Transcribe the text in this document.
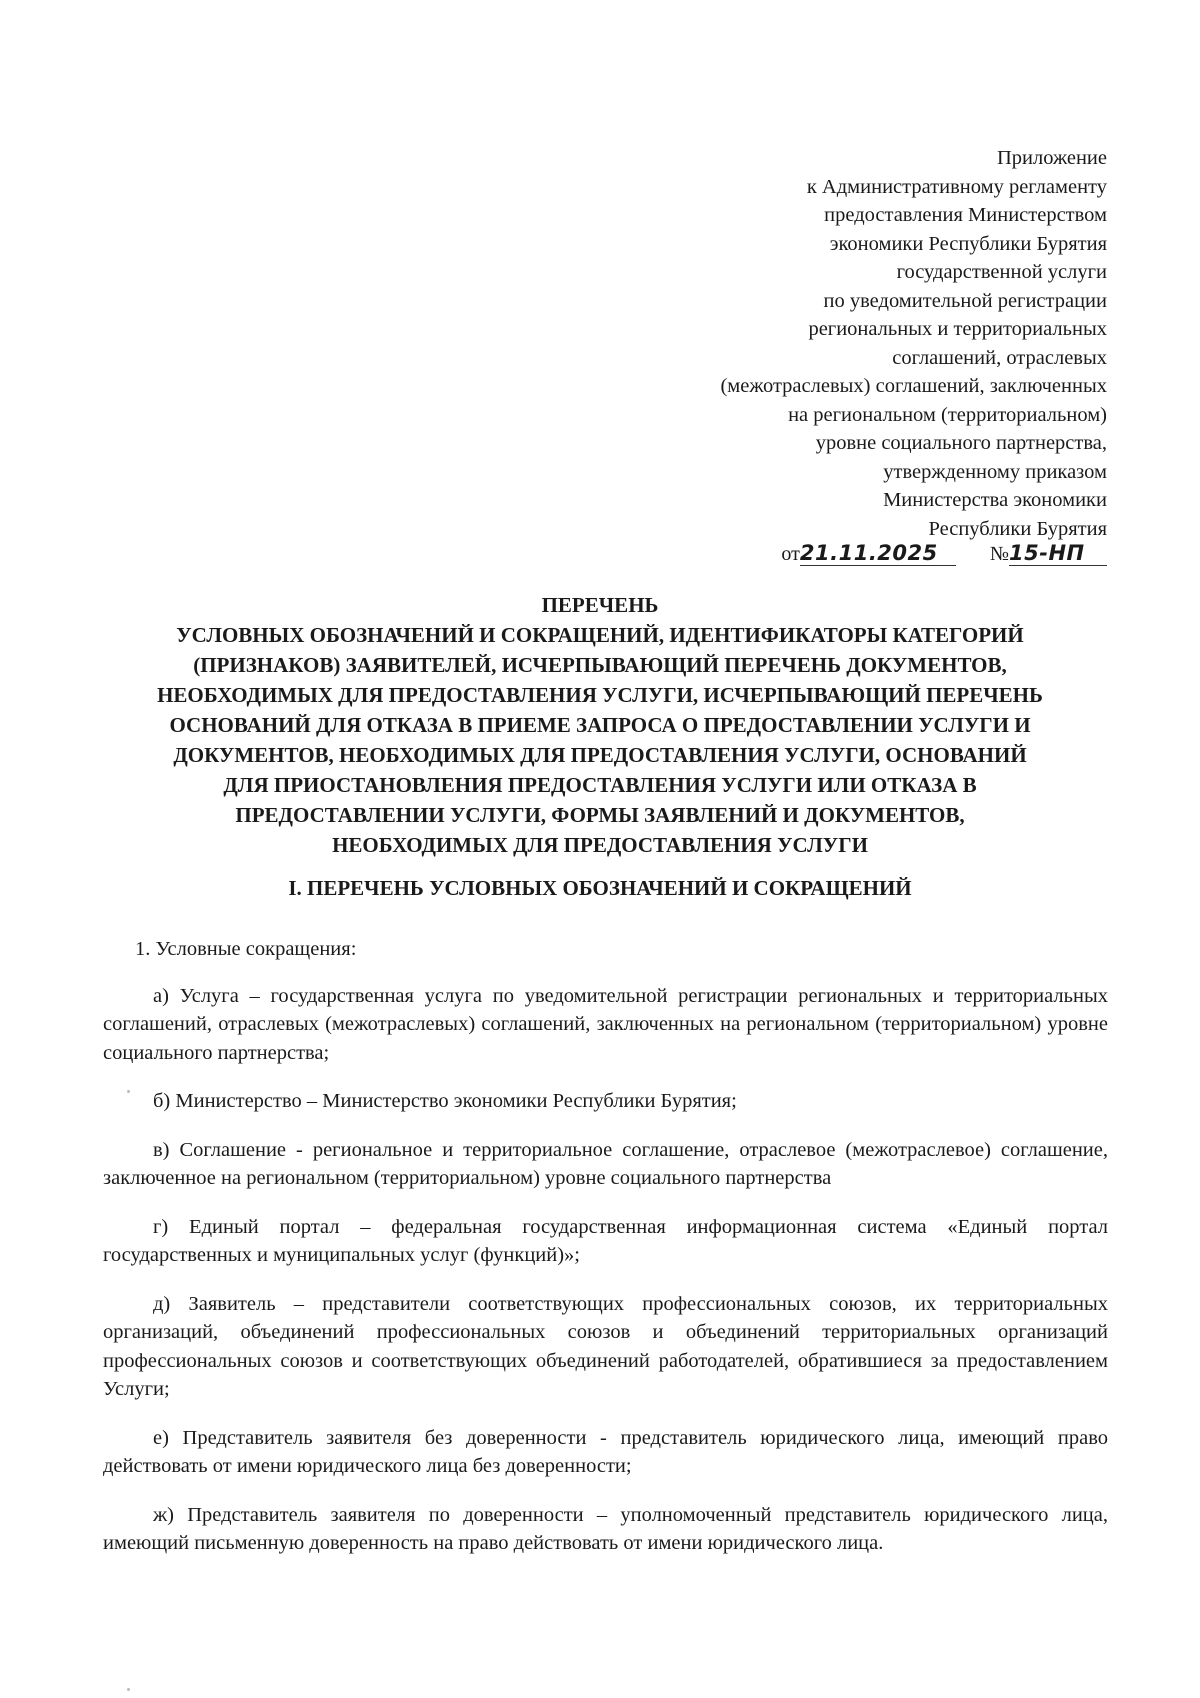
Приложение
к Административному регламенту
предоставления Министерством
экономики Республики Бурятия
государственной услуги
по уведомительной регистрации
региональных и территориальных
соглашений, отраслевых
(межотраслевых) соглашений, заключенных
на региональном (территориальном)
уровне социального партнерства,
утвержденному приказом
Министерства экономики
Республики Бурятия
от21.11.2025	№15-НП
ПЕРЕЧЕНЬ
УСЛОВНЫХ ОБОЗНАЧЕНИЙ И СОКРАЩЕНИЙ, ИДЕНТИФИКАТОРЫ КАТЕГОРИЙ
(ПРИЗНАКОВ) ЗАЯВИТЕЛЕЙ, ИСЧЕРПЫВАЮЩИЙ ПЕРЕЧЕНЬ ДОКУМЕНТОВ,
НЕОБХОДИМЫХ ДЛЯ ПРЕДОСТАВЛЕНИЯ УСЛУГИ, ИСЧЕРПЫВАЮЩИЙ ПЕРЕЧЕНЬ
ОСНОВАНИЙ ДЛЯ ОТКАЗА В ПРИЕМЕ ЗАПРОСА О ПРЕДОСТАВЛЕНИИ УСЛУГИ И
ДОКУМЕНТОВ, НЕОБХОДИМЫХ ДЛЯ ПРЕДОСТАВЛЕНИЯ УСЛУГИ, ОСНОВАНИЙ
ДЛЯ ПРИОСТАНОВЛЕНИЯ ПРЕДОСТАВЛЕНИЯ УСЛУГИ ИЛИ ОТКАЗА В
ПРЕДОСТАВЛЕНИИ УСЛУГИ, ФОРМЫ ЗАЯВЛЕНИЙ И ДОКУМЕНТОВ,
НЕОБХОДИМЫХ ДЛЯ ПРЕДОСТАВЛЕНИЯ УСЛУГИ
I. ПЕРЕЧЕНЬ УСЛОВНЫХ ОБОЗНАЧЕНИЙ И СОКРАЩЕНИЙ

1. Условные сокращения:

а) Услуга – государственная услуга по уведомительной регистрации региональных и территориальных соглашений, отраслевых (межотраслевых) соглашений, заключенных на региональном (территориальном) уровне социального партнерства;

б) Министерство – Министерство экономики Республики Бурятия;

в) Соглашение - региональное и территориальное соглашение, отраслевое (межотраслевое) соглашение, заключенное на региональном (территориальном) уровне социального партнерства

г) Единый портал – федеральная государственная информационная система «Единый портал государственных и муниципальных услуг (функций)»;

д) Заявитель – представители соответствующих профессиональных союзов, их территориальных организаций, объединений профессиональных союзов и объединений территориальных организаций профессиональных союзов и соответствующих объединений работодателей, обратившиеся за предоставлением Услуги;

е) Представитель заявителя без доверенности - представитель юридического лица, имеющий право действовать от имени юридического лица без доверенности;

ж) Представитель заявителя по доверенности – уполномоченный представитель юридического лица, имеющий письменную доверенность на право действовать от имени юридического лица.
